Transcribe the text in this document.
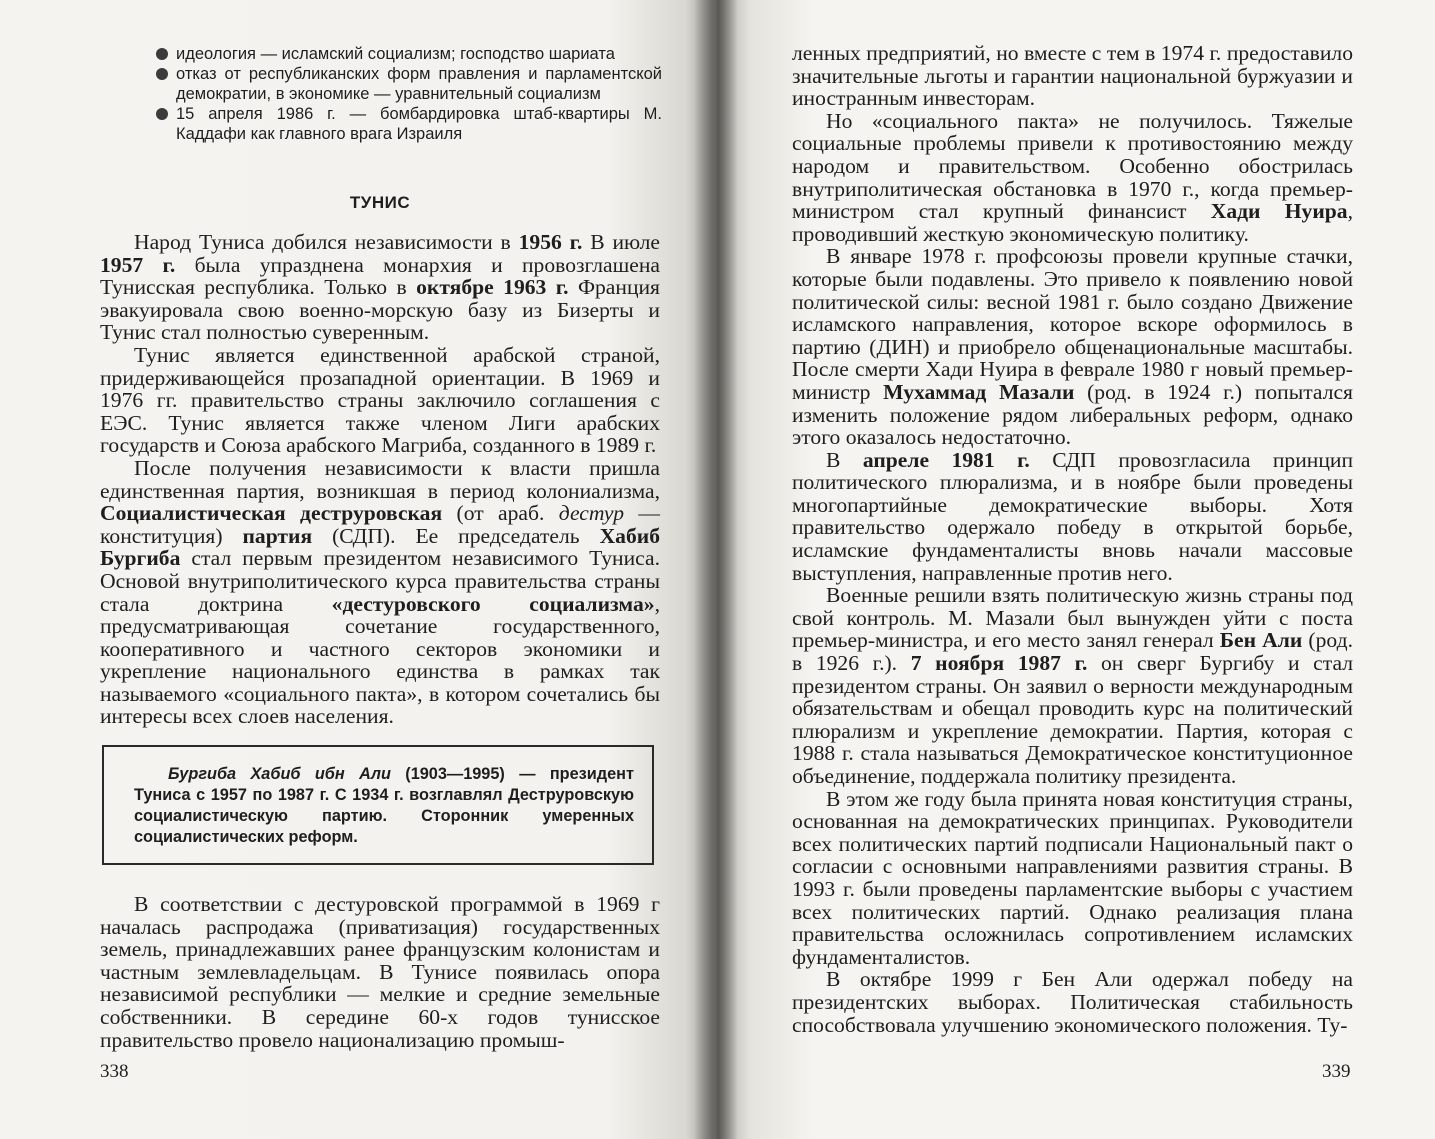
идеология — исламский социализм; господство шариата
отказ от республиканских форм правления и парламентской демократии, в экономике — уравнительный социализм
15 апреля 1986 г. — бомбардировка штаб-квартиры М. Каддафи как главного врага Израиля
ТУНИС

Народ Туниса добился независимости в 1956 г. В июле 1957 г. была упразднена монархия и провозглашена Тунисская республика. Только в октябре 1963 г. Франция эвакуировала свою военно-морскую базу из Бизерты и Тунис стал полностью суверенным.

Тунис является единственной арабской страной, придерживающейся прозападной ориентации. В 1969 и 1976 гг. правительство страны заключило соглашения с ЕЭС. Тунис является также членом Лиги арабских государств и Союза арабского Магриба, созданного в 1989 г.

После получения независимости к власти пришла единственная партия, возникшая в период колониализма, Социалистическая деструровская (от араб. дестур — конституция) партия (СДП). Ее председатель Хабиб Бургиба стал первым президентом независимого Туниса. Основой внутриполитического курса правительства страны стала доктрина «дестуровского социализма», предусматривающая сочетание государственного, кооперативного и частного секторов экономики и укрепление национального единства в рамках так называемого «социального пакта», в котором сочетались бы интересы всех слоев населения.

Бургиба Хабиб ибн Али (1903—1995) — президент Туниса с 1957 по 1987 г. С 1934 г. возглавлял Деструровскую социалистическую партию. Сторонник умеренных социалистических реформ.

В соответствии с дестуровской программой в 1969 г началась распродажа (приватизация) государственных земель, принадлежавших ранее французским колонистам и частным землевладельцам. В Тунисе появилась опора независимой республики — мелкие и средние земельные собственники. В середине 60-х годов тунисское правительство провело национализацию промыш-

338

ленных предприятий, но вместе с тем в 1974 г. предоставило значительные льготы и гарантии национальной буржуазии и иностранным инвесторам.

Но «социального пакта» не получилось. Тяжелые социальные проблемы привели к противостоянию между народом и правительством. Особенно обострилась внутриполитическая обстановка в 1970 г., когда премьер-министром стал крупный финансист Хади Нуира, проводивший жесткую экономическую политику.

В январе 1978 г. профсоюзы провели крупные стачки, которые были подавлены. Это привело к появлению новой политической силы: весной 1981 г. было создано Движение исламского направления, которое вскоре оформилось в партию (ДИН) и приобрело общенациональные масштабы. После смерти Хади Нуира в феврале 1980 г новый премьер-министр Мухаммад Мазали (род. в 1924 г.) попытался изменить положение рядом либеральных реформ, однако этого оказалось недостаточно.

В апреле 1981 г. СДП провозгласила принцип политического плюрализма, и в ноябре были проведены многопартийные демократические выборы. Хотя правительство одержало победу в открытой борьбе, исламские фундаменталисты вновь начали массовые выступления, направленные против него.

Военные решили взять политическую жизнь страны под свой контроль. М. Мазали был вынужден уйти с поста премьер-министра, и его место занял генерал Бен Али (род. в 1926 г.). 7 ноября 1987 г. он сверг Бургибу и стал президентом страны. Он заявил о верности международным обязательствам и обещал проводить курс на политический плюрализм и укрепление демократии. Партия, которая с 1988 г. стала называться Демократическое конституционное объединение, поддержала политику президента.

В этом же году была принята новая конституция страны, основанная на демократических принципах. Руководители всех политических партий подписали Национальный пакт о согласии с основными направлениями развития страны. В 1993 г. были проведены парламентские выборы с участием всех политических партий. Однако реализация плана правительства осложнилась сопротивлением исламских фундаменталистов.

В октябре 1999 г Бен Али одержал победу на президентских выборах. Политическая стабильность способствовала улучшению экономического положения. Ту-

339
